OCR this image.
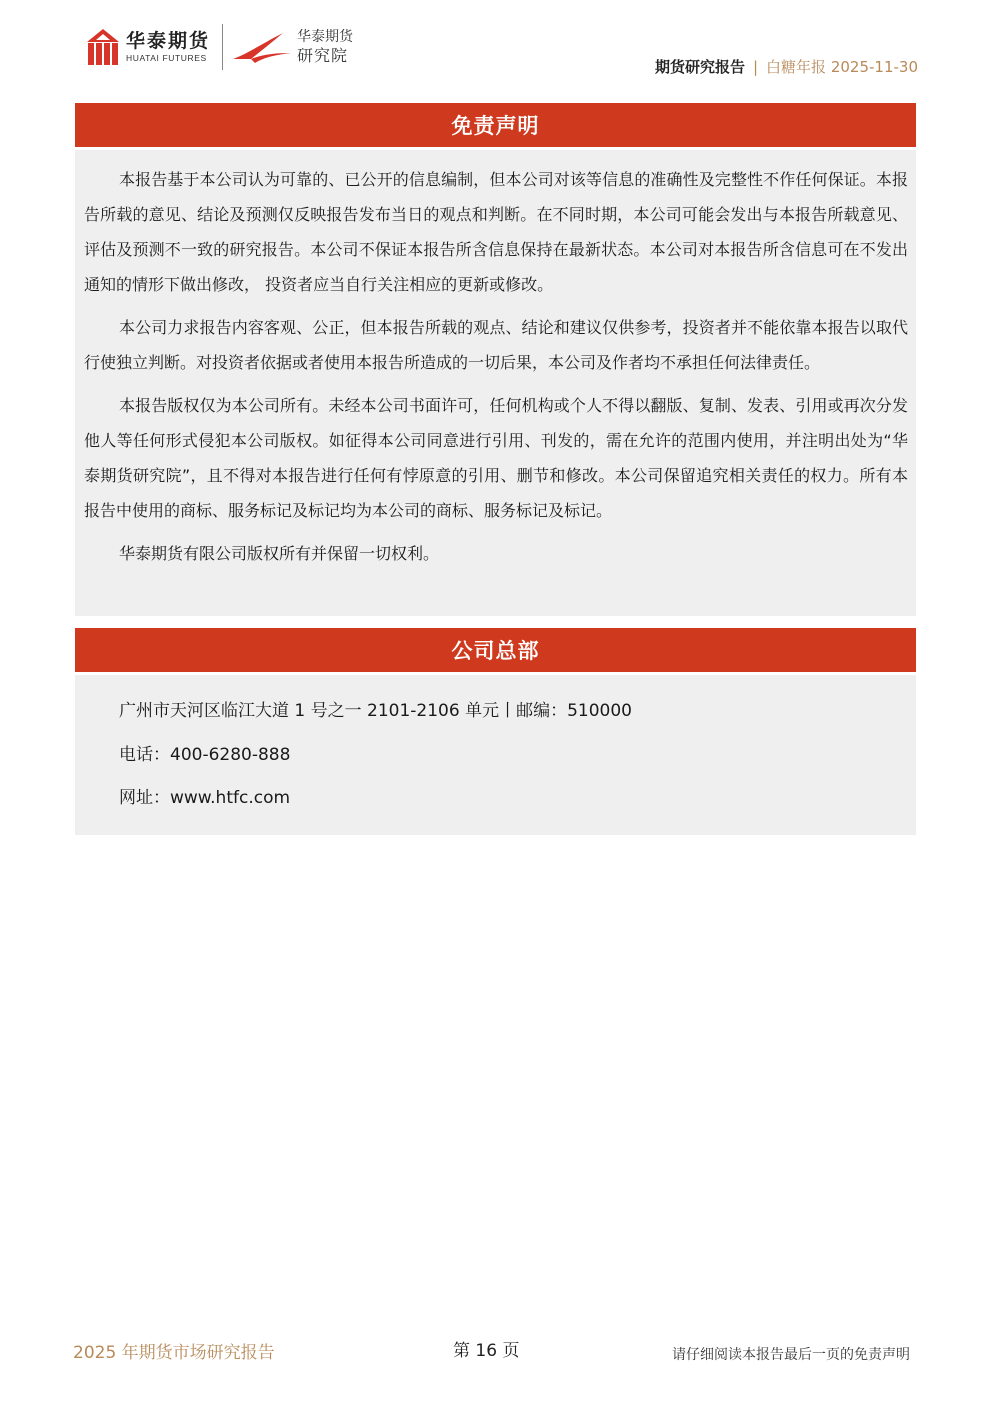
华泰期货
HUATAI FUTURES
华泰期货
研究院
期货研究报告 | 白糖年报 2025-11-30
免责声明

本报告基于本公司认为可靠的、已公开的信息编制，但本公司对该等信息的准确性及完整性不作任何保证。本报告所载的意见、结论及预测仅反映报告发布当日的观点和判断。在不同时期，本公司可能会发出与本报告所载意见、评估及预测不一致的研究报告。本公司不保证本报告所含信息保持在最新状态。本公司对本报告所含信息可在不发出通知的情形下做出修改， 投资者应当自行关注相应的更新或修改。

本公司力求报告内容客观、公正，但本报告所载的观点、结论和建议仅供参考，投资者并不能依靠本报告以取代行使独立判断。对投资者依据或者使用本报告所造成的一切后果，本公司及作者均不承担任何法律责任。

本报告版权仅为本公司所有。未经本公司书面许可，任何机构或个人不得以翻版、复制、发表、引用或再次分发他人等任何形式侵犯本公司版权。如征得本公司同意进行引用、刊发的，需在允许的范围内使用，并注明出处为“华泰期货研究院”，且不得对本报告进行任何有悖原意的引用、删节和修改。本公司保留追究相关责任的权力。所有本报告中使用的商标、服务标记及标记均为本公司的商标、服务标记及标记。

华泰期货有限公司版权所有并保留一切权利。

公司总部
广州市天河区临江大道 1 号之一 2101-2106 单元丨邮编：510000
电话：400-6280-888
网址：www.htfc.com
2025 年期货市场研究报告	第 16 页	请仔细阅读本报告最后一页的免责声明
